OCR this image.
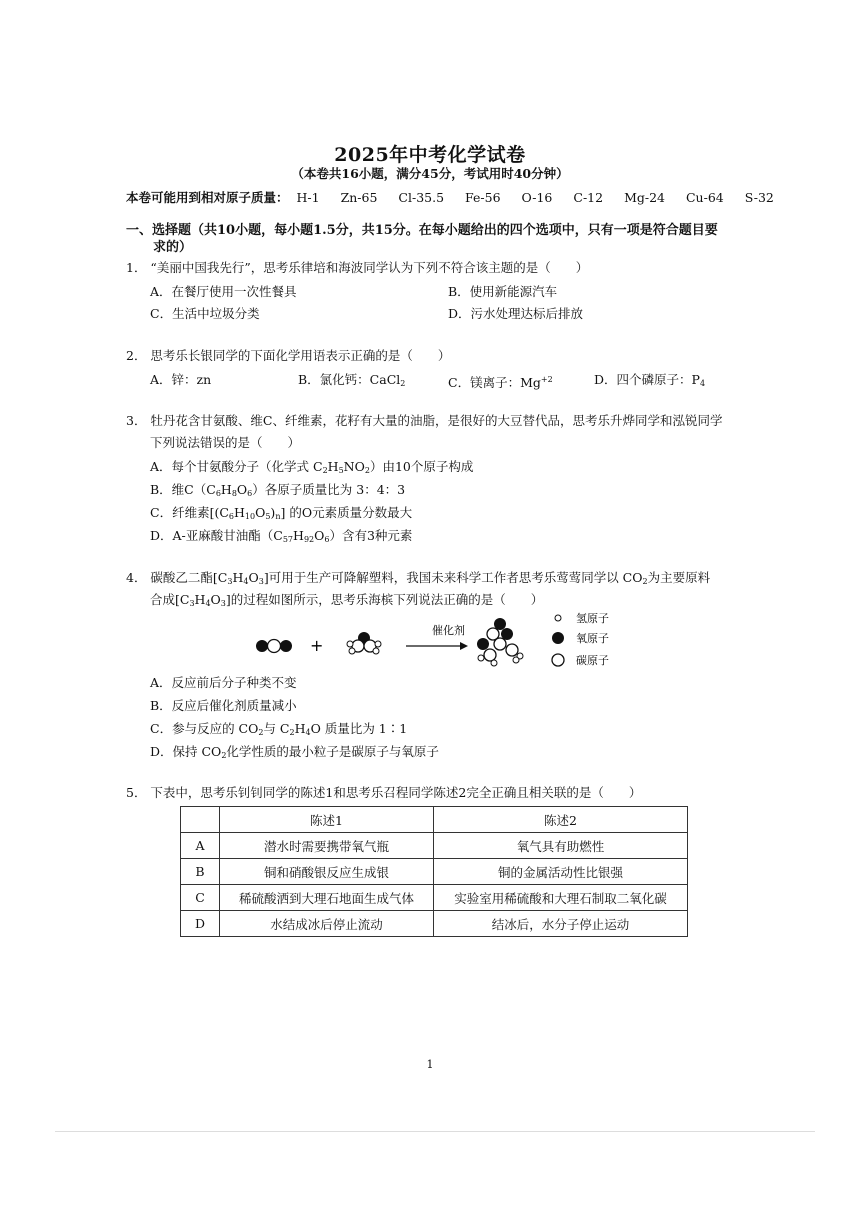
2025年中考化学试卷
（本卷共16小题，满分45分，考试用时40分钟）
本卷可能用到相对原子质量： H-1 Zn-65 Cl-35.5 Fe-56 O-16 C-12 Mg-24 Cu-64 S-32
一、选择题（共10小题，每小题1.5分，共15分。在每小题给出的四个选项中，只有一项是符合题目要
求的）
1． “美丽中国我先行”，思考乐律培和海波同学认为下列不符合该主题的是（　　）
A．在餐厅使用一次性餐具	B．使用新能源汽车
C．生活中垃圾分类	D．污水处理达标后排放
2． 思考乐长银同学的下面化学用语表示正确的是（　　）
A．锌：zn	B．氯化钙：CaCl$_2$	C．镁离子：$Mg^{+2}$	D．四个磷原子：$P_4$
3． 牡丹花含甘氨酸、维C、纤维素，花籽有大量的油脂，是很好的大豆替代品，思考乐升烨同学和泓锐同学
下列说法错误的是（　　）
A．每个甘氨酸分子（化学式 $C_2H_5NO_2$）由10个原子构成
B．维$C(C_6H_8O_6)$各原子质量比为 3：4：3
C．纤维素$[(C_6H_{10}O_5)_n]$ 的O元素质量分数最大
D．A-亚麻酸甘油酯$(C_{57}H_{92}O_6)$含有3种元素
4． 碳酸乙二酯$[C_3H_4O_3]$可用于生产可降解塑料，我国未来科学工作者思考乐莺莺同学以 $CO_2$为主要原料
合成$[C_3H_4O_3]$的过程如图所示，思考乐海槟下列说法正确的是（　　）
+
催化剂
氢原子
氧原子
碳原子
A．反应前后分子种类不变
B．反应后催化剂质量减小
C．参与反应的 $CO_2$与 $C_2H_4O$ 质量比为 1∶1
D．保持 $CO_2$化学性质的最小粒子是碳原子与氧原子
5． 下表中，思考乐钊钊同学的陈述1和思考乐召程同学陈述2完全正确且相关联的是（　　）
	陈述1	陈述2
A	潜水时需要携带氧气瓶	氧气具有助燃性
B	铜和硝酸银反应生成银	铜的金属活动性比银强
C	稀硫酸洒到大理石地面生成气体	实验室用稀硫酸和大理石制取二氧化碳
D	水结成冰后停止流动	结冰后，水分子停止运动
1
